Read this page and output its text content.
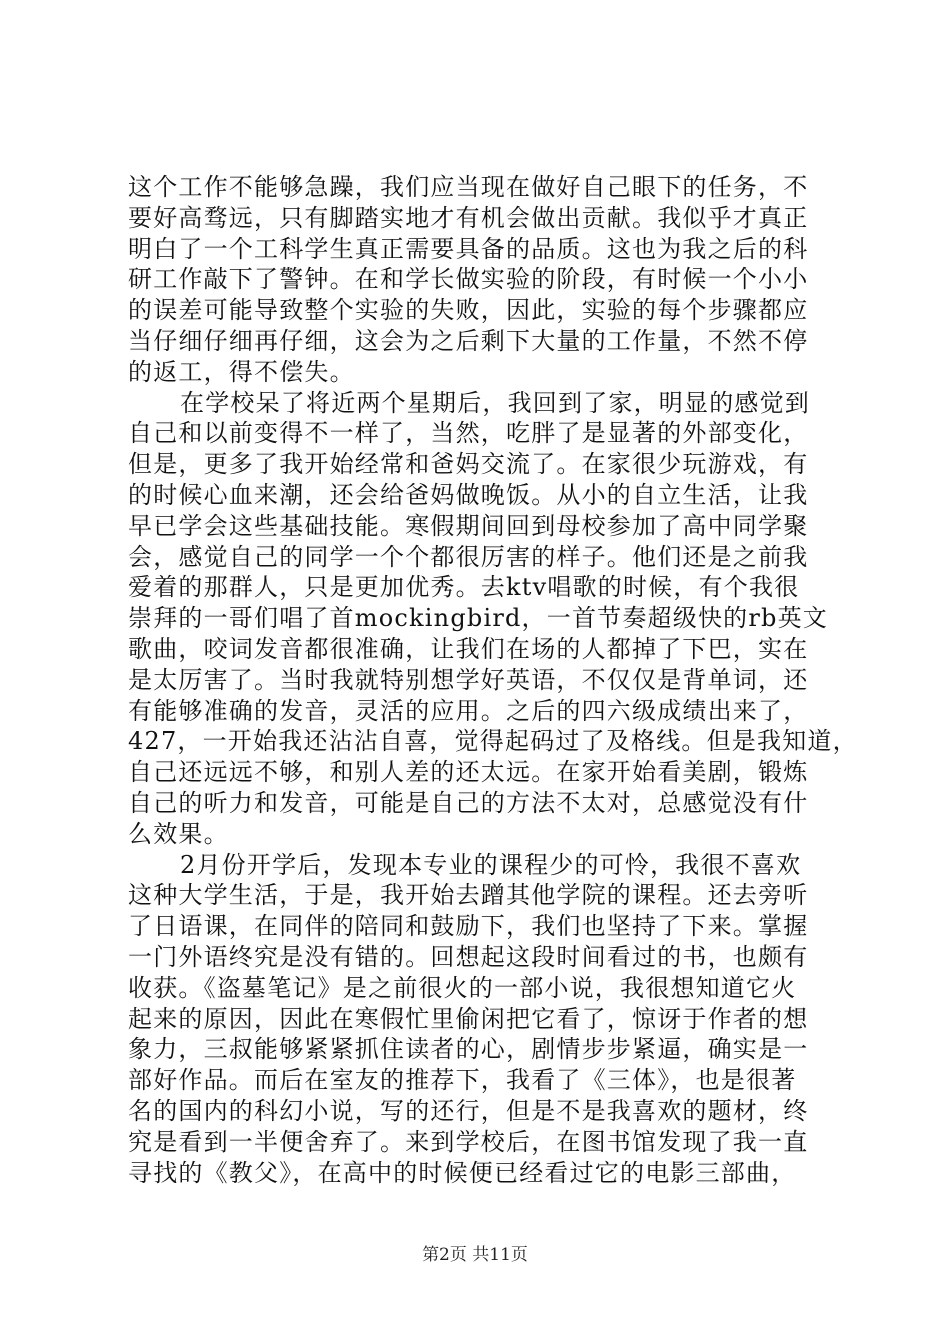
这个工作不能够急躁，我们应当现在做好自己眼下的任务，不
要好高骛远，只有脚踏实地才有机会做出贡献。我似乎才真正
明白了一个工科学生真正需要具备的品质。这也为我之后的科
研工作敲下了警钟。在和学长做实验的阶段，有时候一个小小
的误差可能导致整个实验的失败，因此，实验的每个步骤都应
当仔细仔细再仔细，这会为之后剩下大量的工作量，不然不停
的返工，得不偿失。
在学校呆了将近两个星期后，我回到了家，明显的感觉到
自己和以前变得不一样了，当然，吃胖了是显著的外部变化，
但是，更多了我开始经常和爸妈交流了。在家很少玩游戏，有
的时候心血来潮，还会给爸妈做晚饭。从小的自立生活，让我
早已学会这些基础技能。寒假期间回到母校参加了高中同学聚
会，感觉自己的同学一个个都很厉害的样子。他们还是之前我
爱着的那群人，只是更加优秀。去ktv唱歌的时候，有个我很
崇拜的一哥们唱了首mockingbird，一首节奏超级快的rb英文
歌曲，咬词发音都很准确，让我们在场的人都掉了下巴，实在
是太厉害了。当时我就特别想学好英语，不仅仅是背单词，还
有能够准确的发音，灵活的应用。之后的四六级成绩出来了，
427，一开始我还沾沾自喜，觉得起码过了及格线。但是我知道，
自己还远远不够，和别人差的还太远。在家开始看美剧，锻炼
自己的听力和发音，可能是自己的方法不太对，总感觉没有什
么效果。
2月份开学后，发现本专业的课程少的可怜，我很不喜欢
这种大学生活，于是，我开始去蹭其他学院的课程。还去旁听
了日语课，在同伴的陪同和鼓励下，我们也坚持了下来。掌握
一门外语终究是没有错的。回想起这段时间看过的书，也颇有
收获。《盗墓笔记》是之前很火的一部小说，我很想知道它火
起来的原因，因此在寒假忙里偷闲把它看了，惊讶于作者的想
象力，三叔能够紧紧抓住读者的心，剧情步步紧逼，确实是一
部好作品。而后在室友的推荐下，我看了《三体》，也是很著
名的国内的科幻小说，写的还行，但是不是我喜欢的题材，终
究是看到一半便舍弃了。来到学校后，在图书馆发现了我一直
寻找的《教父》，在高中的时候便已经看过它的电影三部曲，
第2页 共11页
